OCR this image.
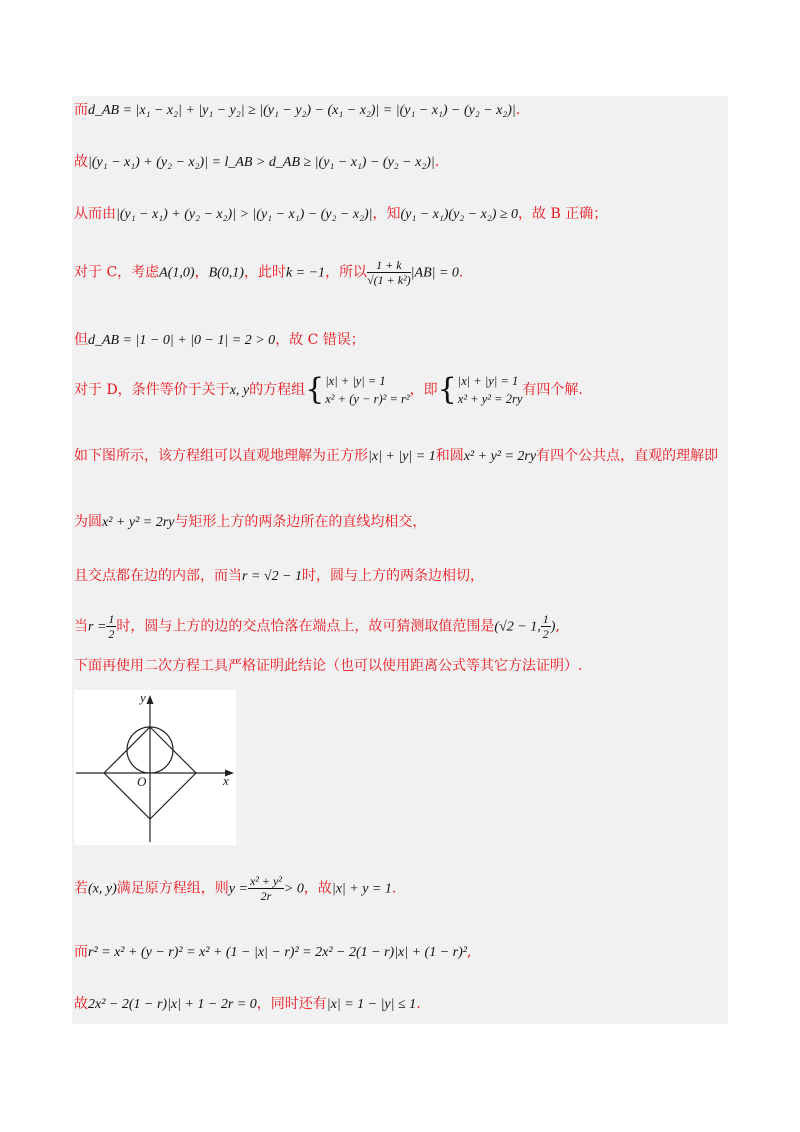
而d_AB = |x₁ − x₂| + |y₁ − y₂| ≥ |(y₁ − y₂) − (x₁ − x₂)| = |(y₁ − x₁) − (y₂ − x₂)|.
故|(y₁ − x₁) + (y₂ − x₂)| = l_AB > d_AB ≥ |(y₁ − x₁) − (y₂ − x₂)|.
从而由|(y₁ − x₁) + (y₂ − x₂)| > |(y₁ − x₁) − (y₂ − x₂)|，知(y₁ − x₁)(y₂ − x₂) ≥ 0，故 B 正确；
对于 C，考虑A(1,0)，B(0,1)，此时k = −1，所以 $\frac{1 + k}{\text{√(1 + k²)}} |AB| = 0$.
但d_AB = |1 − 0| + |0 − 1| = 2 > 0，故 C 错误；
对于 D，条件等价于关于x, y的方程组{ |x| + |y| = 1
x² + (y − r)² = r²
，即{ |x| + |y| = 1
x² + y² = 2ry
有四个解.
如下图所示，该方程组可以直观地理解为正方形|x| + |y| = 1和圆x² + y² = 2ry有四个公共点，直观的理解即
为圆x² + y² = 2ry与矩形上方的两条边所在的直线均相交，
且交点都在边的内部，而当r = √2 − 1时，圆与上方的两条边相切，
当$r = \frac{1}{2}$ 时，圆与上方的边的交点恰落在端点上，故可猜测取值范围是(√2 − 1, $\frac{1}{2}$ ),
下面再使用二次方程工具严格证明此结论（也可以使用距离公式等其它方法证明）.
x
y
O
若(x, y)满足原方程组，则$y = \frac{\text{x² + y²}}{2r} > 0$，故|x| + y = 1.
而r² = x² + (y − r)² = x² + (1 − |x| − r)² = 2x² − 2(1 − r)|x| + (1 − r)²,
故2x² − 2(1 − r)|x| + 1 − 2r = 0，同时还有|x| = 1 − |y| ≤ 1.
